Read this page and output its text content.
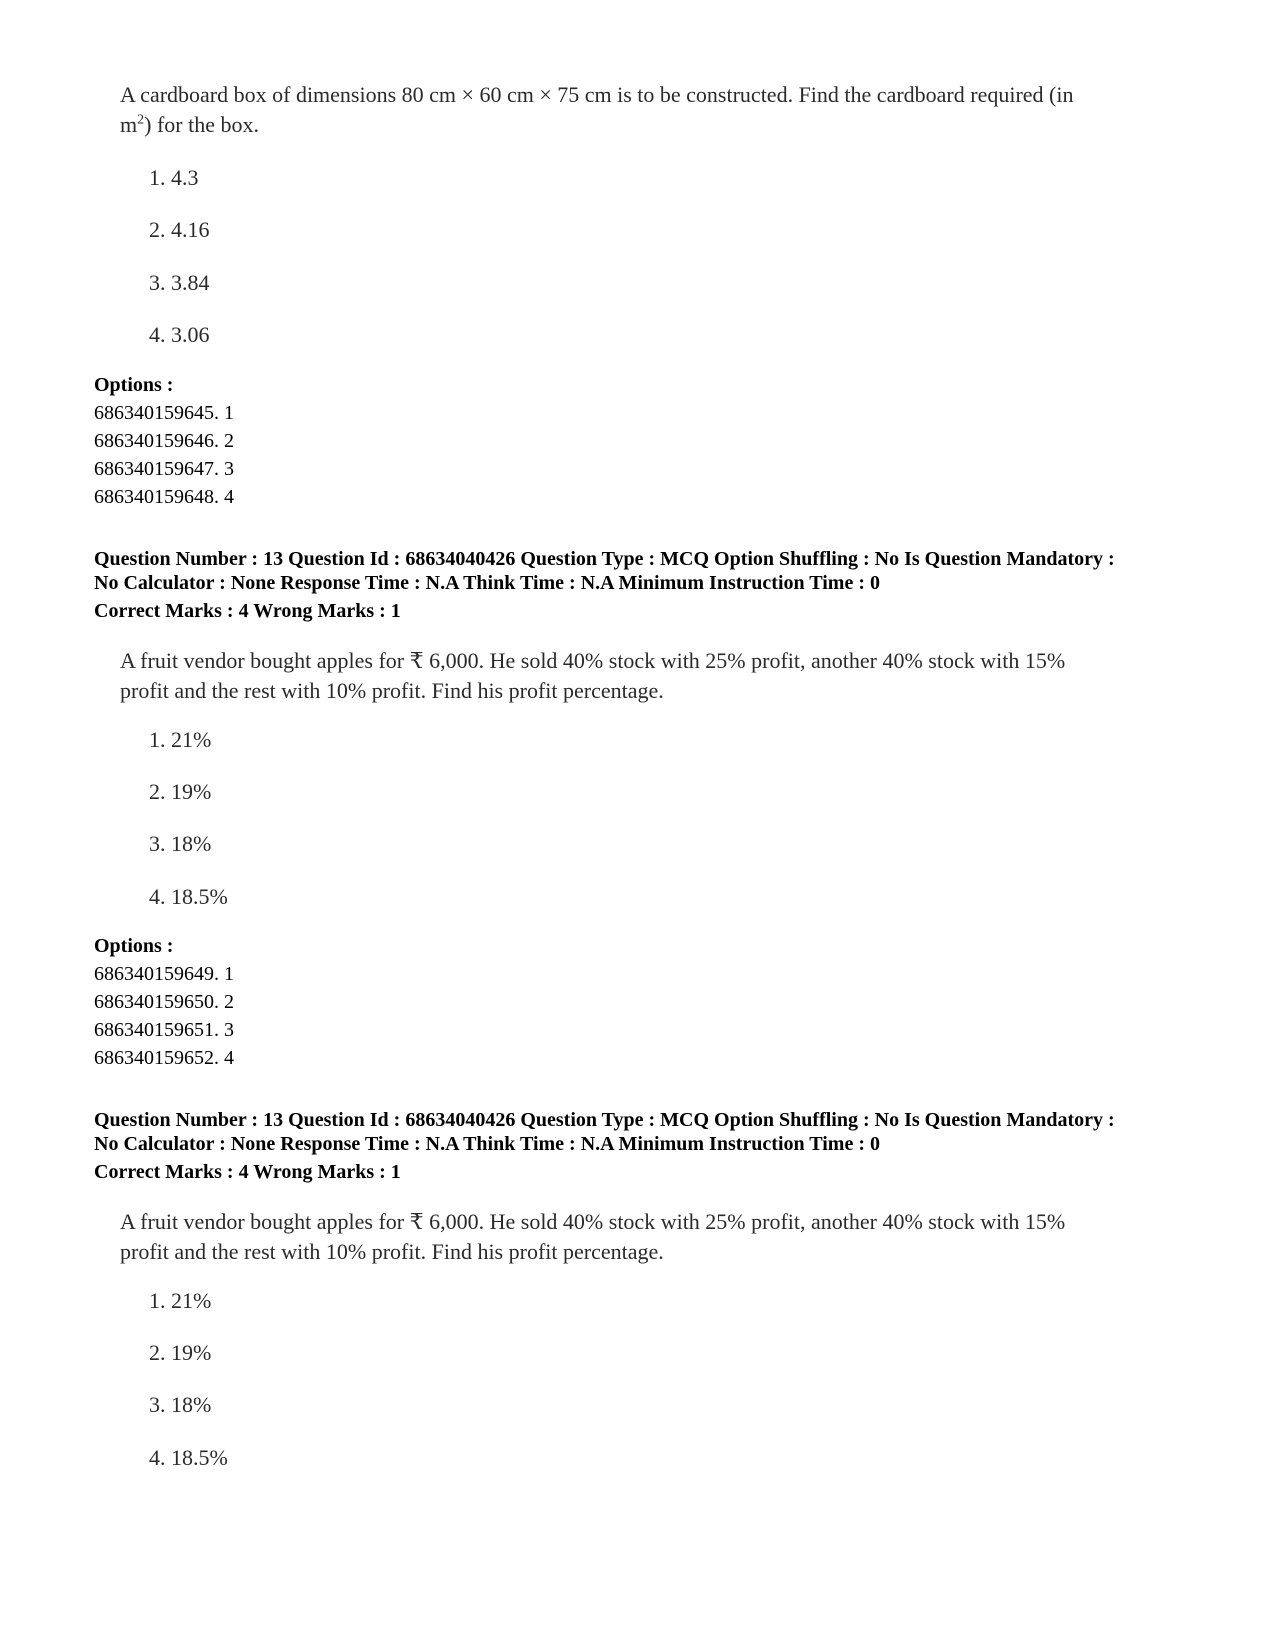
A cardboard box of dimensions 80 cm × 60 cm × 75 cm is to be constructed. Find the cardboard required (in
$m^2$) for the box.
1. 4.3
2. 4.16
3. 3.84
4. 3.06
Options :
686340159645. 1
686340159646. 2
686340159647. 3
686340159648. 4
Question Number : 13 Question Id : 68634040426 Question Type : MCQ Option Shuffling : No Is Question Mandatory :
No Calculator : None Response Time : N.A Think Time : N.A Minimum Instruction Time : 0
Correct Marks : 4 Wrong Marks : 1
A fruit vendor bought apples for ₹ 6,000. He sold 40% stock with 25% profit, another 40% stock with 15%
profit and the rest with 10% profit. Find his profit percentage.
1. 21%
2. 19%
3. 18%
4. 18.5%
Options :
686340159649. 1
686340159650. 2
686340159651. 3
686340159652. 4
Question Number : 13 Question Id : 68634040426 Question Type : MCQ Option Shuffling : No Is Question Mandatory :
No Calculator : None Response Time : N.A Think Time : N.A Minimum Instruction Time : 0
Correct Marks : 4 Wrong Marks : 1
A fruit vendor bought apples for ₹ 6,000. He sold 40% stock with 25% profit, another 40% stock with 15%
profit and the rest with 10% profit. Find his profit percentage.
1. 21%
2. 19%
3. 18%
4. 18.5%
